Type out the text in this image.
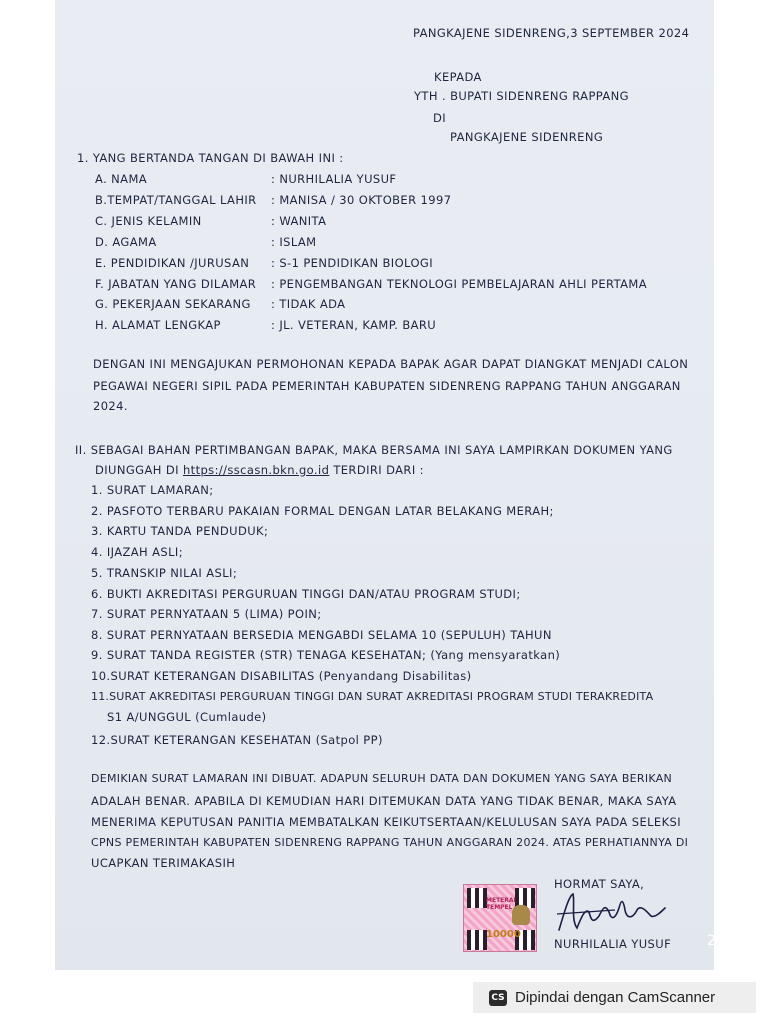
PANGKAJENE SIDENRENG,3 SEPTEMBER 2024
KEPADA
YTH . BUPATI SIDENRENG RAPPANG
DI
PANGKAJENE SIDENRENG
1. YANG BERTANDA TANGAN DI BAWAH INI :
A. NAMA	: NURHILALIA YUSUF
B.TEMPAT/TANGGAL LAHIR : MANISA / 30 OKTOBER 1997
C. JENIS KELAMIN	: WANITA
D. AGAMA	: ISLAM
E. PENDIDIKAN /JURUSAN : S-1 PENDIDIKAN BIOLOGI
F. JABATAN YANG DILAMAR : PENGEMBANGAN TEKNOLOGI PEMBELAJARAN AHLI PERTAMA
G. PEKERJAAN SEKARANG : TIDAK ADA
H. ALAMAT LENGKAP	: JL. VETERAN, KAMP. BARU
DENGAN INI MENGAJUKAN PERMOHONAN KEPADA BAPAK AGAR DAPAT DIANGKAT MENJADI CALON
PEGAWAI NEGERI SIPIL PADA PEMERINTAH KABUPATEN SIDENRENG RAPPANG TAHUN ANGGARAN
2024.
II. SEBAGAI BAHAN PERTIMBANGAN BAPAK, MAKA BERSAMA INI SAYA LAMPIRKAN DOKUMEN YANG
DIUNGGAH DI https://sscasn.bkn.go.id TERDIRI DARI :
1. SURAT LAMARAN;
2. PASFOTO TERBARU PAKAIAN FORMAL DENGAN LATAR BELAKANG MERAH;
3. KARTU TANDA PENDUDUK;
4. IJAZAH ASLI;
5. TRANSKIP NILAI ASLI;
6. BUKTI AKREDITASI PERGURUAN TINGGI DAN/ATAU PROGRAM STUDI;
7. SURAT PERNYATAAN 5 (LIMA) POIN;
8. SURAT PERNYATAAN BERSEDIA MENGABDI SELAMA 10 (SEPULUH) TAHUN
9. SURAT TANDA REGISTER (STR) TENAGA KESEHATAN; (Yang mensyaratkan)
10.SURAT KETERANGAN DISABILITAS (Penyandang Disabilitas)
11.SURAT AKREDITASI PERGURUAN TINGGI DAN SURAT AKREDITASI PROGRAM STUDI TERAKREDITA
S1 A/UNGGUL (Cumlaude)
12.SURAT KETERANGAN KESEHATAN (Satpol PP)
DEMIKIAN SURAT LAMARAN INI DIBUAT. ADAPUN SELURUH DATA DAN DOKUMEN YANG SAYA BERIKAN
ADALAH BENAR. APABILA DI KEMUDIAN HARI DITEMUKAN DATA YANG TIDAK BENAR, MAKA SAYA
MENERIMA KEPUTUSAN PANITIA MEMBATALKAN KEIKUTSERTAAN/KELULUSAN SAYA PADA SELEKSI
CPNS PEMERINTAH KABUPATEN SIDENRENG RAPPANG TAHUN ANGGARAN 2024. ATAS PERHATIANNYA DI
UCAPKAN TERIMAKASIH
HORMAT SAYA,
NURHILALIA YUSUF
METERAI TEMPEL
10000	2
CS Dipindai dengan CamScanner
